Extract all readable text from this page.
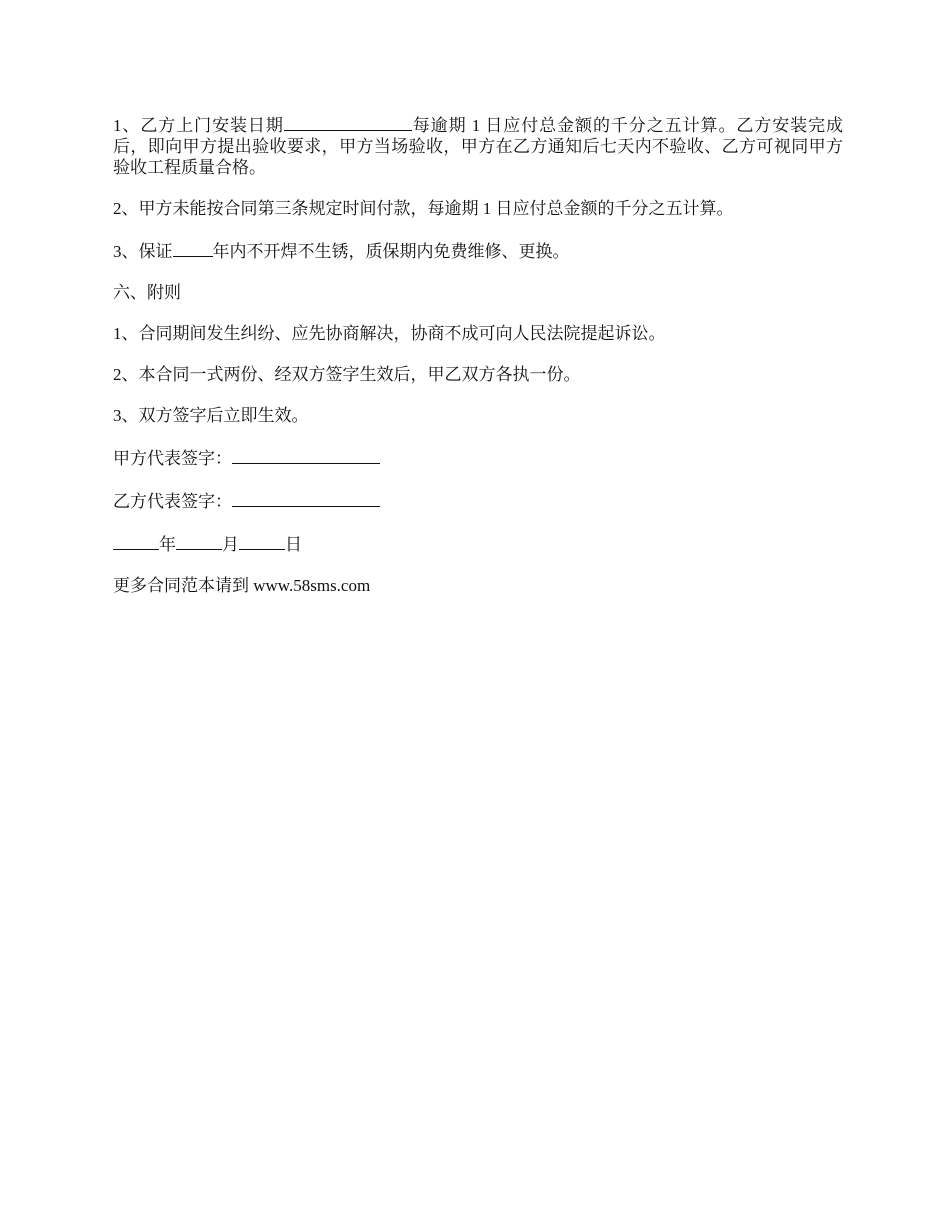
1、乙方上门安装日期	每逾期 1 日应付总金额的千分之五计算。乙方安装完成后，即向甲方提出验收要求，甲方当场验收，甲方在乙方通知后七天内不验收、乙方可视同甲方验收工程质量合格。

2、甲方未能按合同第三条规定时间付款，每逾期 1 日应付总金额的千分之五计算。

3、保证 年内不开焊不生锈，质保期内免费维修、更换。

六、附则

1、合同期间发生纠纷、应先协商解决，协商不成可向人民法院提起诉讼。

2、本合同一式两份、经双方签字生效后，甲乙双方各执一份。

3、双方签字后立即生效。

甲方代表签字：

乙方代表签字：

年	月	日

更多合同范本请到 www.58sms.com
